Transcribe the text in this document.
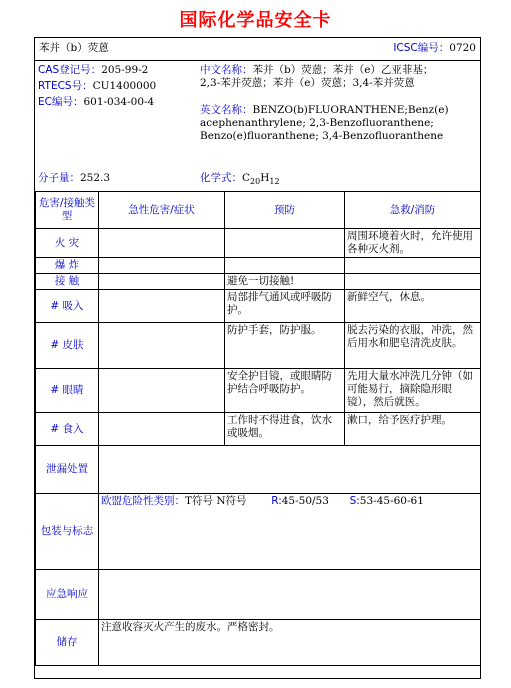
国际化学品安全卡
苯并（b）荧蒽	ICSC编号：0720
CAS登记号：205-99-2
RTECS号：CU1400000
EC编号：601-034-00-4
中文名称：苯并（b）荧蒽；苯并（e）乙亚菲基；
2,3-苯并荧蒽；苯并（e）荧蒽；3,4-苯并荧蒽
英文名称：BENZO(b)FLUORANTHENE;Benz(e)
acephenanthrylene; 2,3-Benzofluoranthene;
Benzo(e)fluoranthene; 3,4-Benzofluoranthene
分子量：252.3	化学式：$C_{20}H_{12}$
危害/接触类型	急性危害/症状	预防	急救/消防
火 灾			周围环境着火时，允许使用各种灭火剂。
爆 炸			
接 触		避免一切接触!	
# 吸入		局部排气通风或呼吸防护。	新鲜空气，休息。
# 皮肤		防护手套，防护服。	脱去污染的衣服，冲洗，然后用水和肥皂清洗皮肤。
# 眼睛		安全护目镜，或眼睛防护结合呼吸防护。	先用大量水冲洗几分钟（如可能易行，摘除隐形眼镜），然后就医。
# 食入		工作时不得进食，饮水或吸烟。	漱口，给予医疗护理。
泄漏处置			
包装与标志	欧盟危险性类别：T符号 N符号 R:45-50/53 S:53-45-60-61		
应急响应			
储存	注意收容灭火产生的废水。严格密封。		
